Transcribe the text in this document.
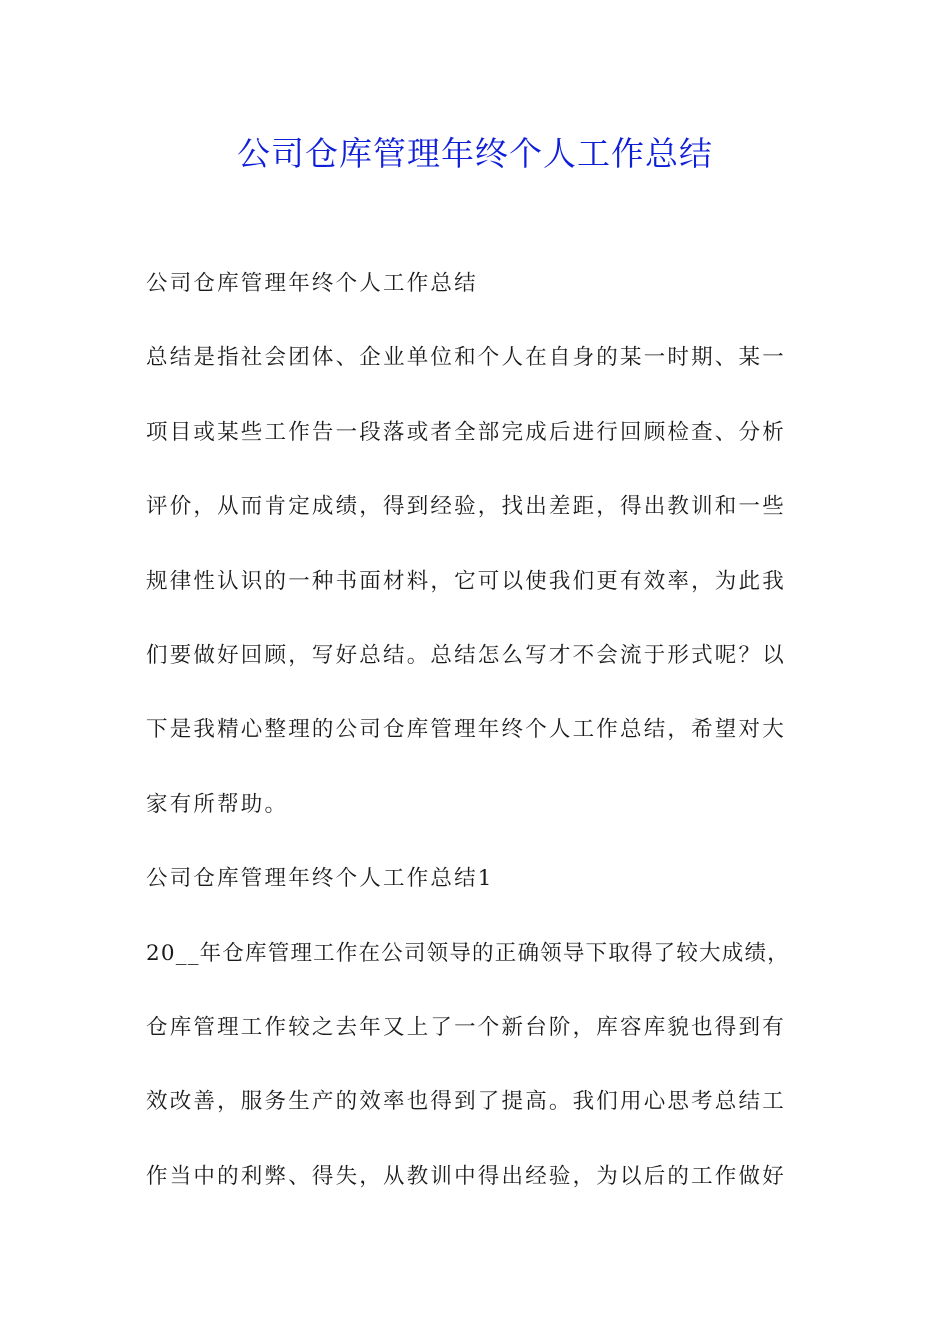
公司仓库管理年终个人工作总结
公司仓库管理年终个人工作总结
总结是指社会团体、企业单位和个人在自身的某一时期、某一
项目或某些工作告一段落或者全部完成后进行回顾检查、分析
评价，从而肯定成绩，得到经验，找出差距，得出教训和一些
规律性认识的一种书面材料，它可以使我们更有效率，为此我
们要做好回顾，写好总结。总结怎么写才不会流于形式呢？以
下是我精心整理的公司仓库管理年终个人工作总结，希望对大
家有所帮助。
公司仓库管理年终个人工作总结1
20__年仓库管理工作在公司领导的正确领导下取得了较大成绩，
仓库管理工作较之去年又上了一个新台阶，库容库貌也得到有
效改善，服务生产的效率也得到了提高。我们用心思考总结工
作当中的利弊、得失，从教训中得出经验，为以后的工作做好
